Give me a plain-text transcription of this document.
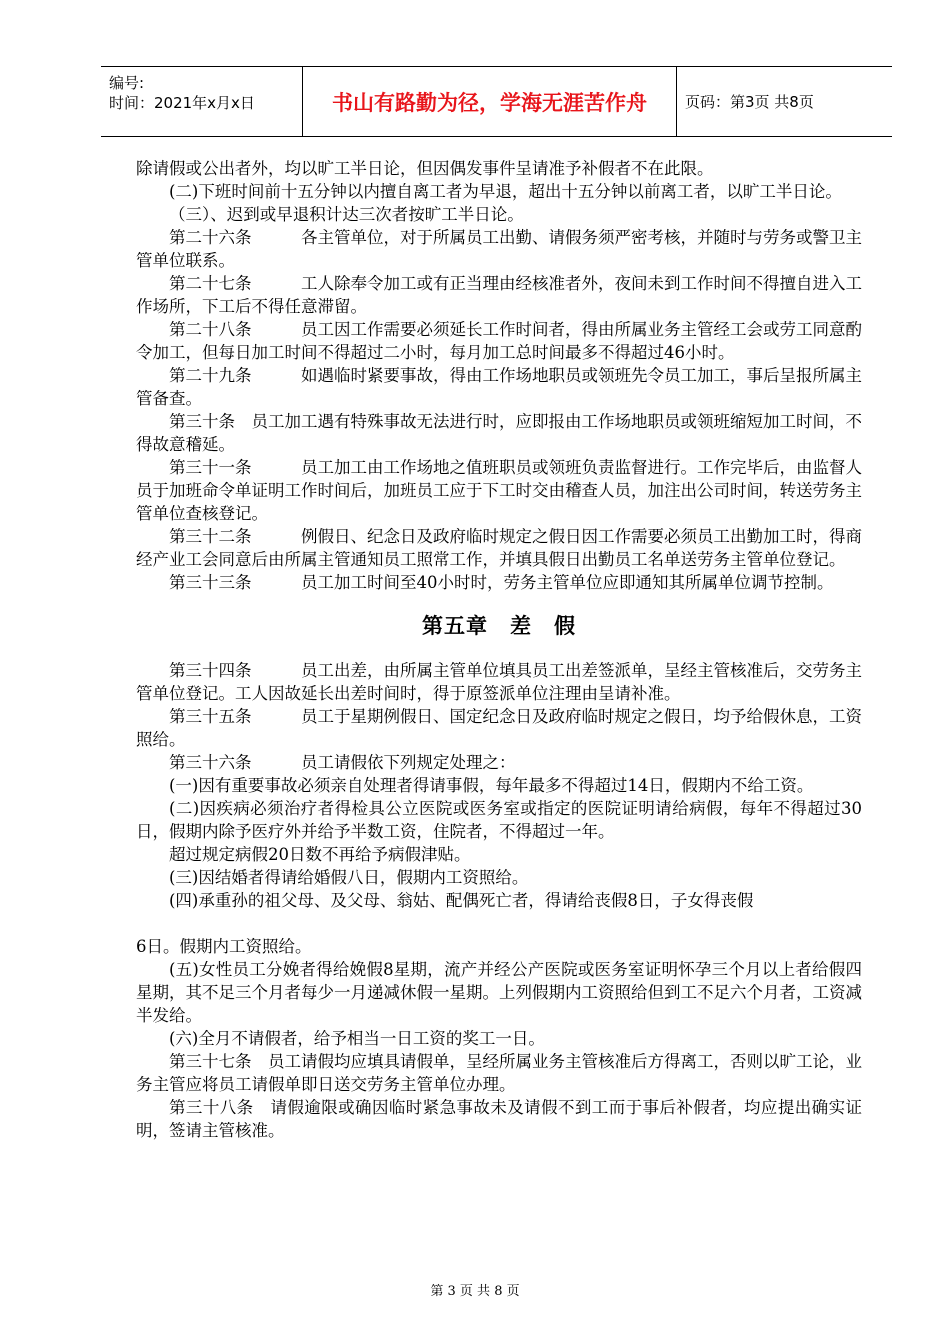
编号:
时间：2021年x月x日	书山有路勤为径，学海无涯苦作舟	页码：第3页 共8页

除请假或公出者外，均以旷工半日论，但因偶发事件呈请准予补假者不在此限。

(二)下班时间前十五分钟以内擅自离工者为早退，超出十五分钟以前离工者，以旷工半日论。

（三）、迟到或早退积计达三次者按旷工半日论。

第二十六条　　　各主管单位，对于所属员工出勤、请假务须严密考核，并随时与劳务或警卫主管单位联系。

第二十七条　　　工人除奉令加工或有正当理由经核准者外，夜间未到工作时间不得擅自进入工作场所，下工后不得任意滞留。

第二十八条　　　员工因工作需要必须延长工作时间者，得由所属业务主管经工会或劳工同意酌令加工，但每日加工时间不得超过二小时，每月加工总时间最多不得超过46小时。

第二十九条　　　如遇临时紧要事故，得由工作场地职员或领班先令员工加工，事后呈报所属主管备查。

第三十条　员工加工遇有特殊事故无法进行时，应即报由工作场地职员或领班缩短加工时间，不得故意稽延。

第三十一条　　　员工加工由工作场地之值班职员或领班负责监督进行。工作完毕后，由监督人员于加班命令单证明工作时间后，加班员工应于下工时交由稽查人员，加注出公司时间，转送劳务主管单位查核登记。

第三十二条　　　例假日、纪念日及政府临时规定之假日因工作需要必须员工出勤加工时，得商经产业工会同意后由所属主管通知员工照常工作，并填具假日出勤员工名单送劳务主管单位登记。

第三十三条　　　员工加工时间至40小时时，劳务主管单位应即通知其所属单位调节控制。

第五章　差　假

第三十四条　　　员工出差，由所属主管单位填具员工出差签派单，呈经主管核准后，交劳务主管单位登记。工人因故延长出差时间时，得于原签派单位注理由呈请补准。

第三十五条　　　员工于星期例假日、国定纪念日及政府临时规定之假日，均予给假休息，工资照给。

第三十六条　　　员工请假依下列规定处理之：

(一)因有重要事故必须亲自处理者得请事假，每年最多不得超过14日，假期内不给工资。

(二)因疾病必须治疗者得检具公立医院或医务室或指定的医院证明请给病假，每年不得超过30日，假期内除予医疗外并给予半数工资，住院者，不得超过一年。

超过规定病假20日数不再给予病假津贴。

(三)因结婚者得请给婚假八日，假期内工资照给。

(四)承重孙的祖父母、及父母、翁姑、配偶死亡者，得请给丧假8日，子女得丧假

6日。假期内工资照给。

(五)女性员工分娩者得给娩假8星期，流产并经公产医院或医务室证明怀孕三个月以上者给假四星期，其不足三个月者每少一月递减休假一星期。上列假期内工资照给但到工不足六个月者，工资减半发给。

(六)全月不请假者，给予相当一日工资的奖工一日。

第三十七条　员工请假均应填具请假单，呈经所属业务主管核准后方得离工，否则以旷工论，业务主管应将员工请假单即日送交劳务主管单位办理。

第三十八条　请假逾限或确因临时紧急事故未及请假不到工而于事后补假者，均应提出确实证明，签请主管核准。

第 3 页 共 8 页
